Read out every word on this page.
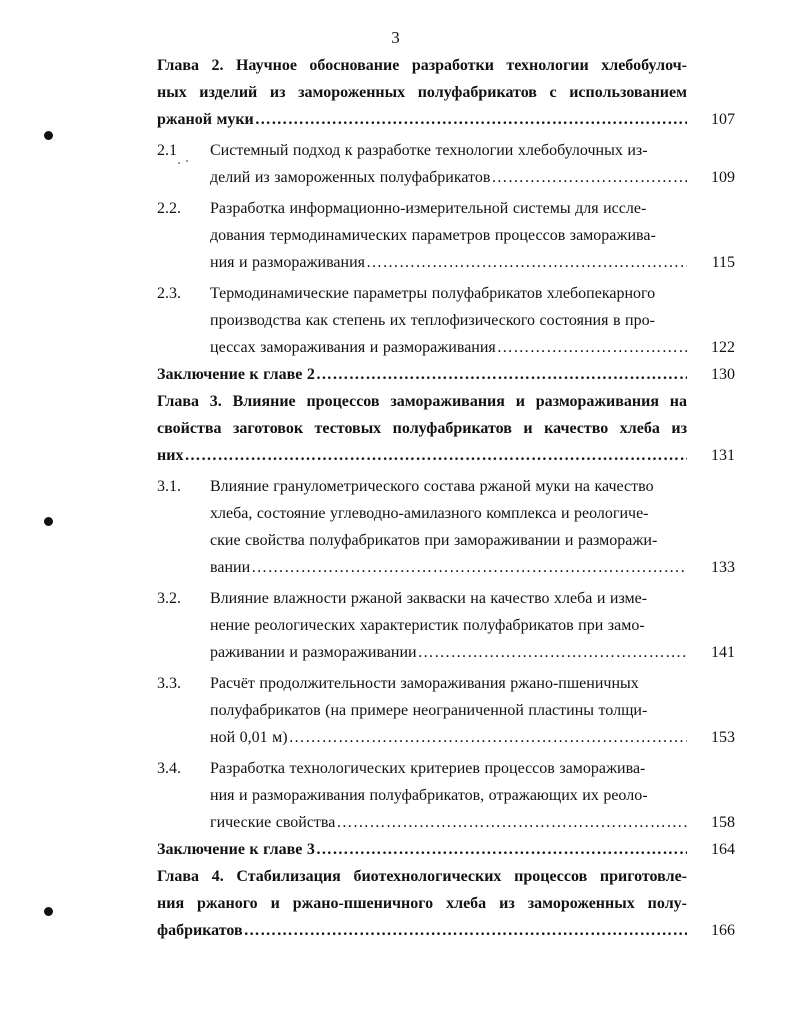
3
Глава 2. Научное обоснование разработки технологии хлебобулоч-
ных изделий из замороженных полуфабрикатов с использованием
ржаной муки ……………………………………………………………………………………………………………………………………………………………	107
2.1 Системный подход к разработке технологии хлебобулочных из-
делий из замороженных полуфабрикатов ……………………………………………………………………………………………………………………………………………………………	109
2.2. Разработка информационно-измерительной системы для иссле-
дования термодинамических параметров процессов заморажива-
ния и размораживания ……………………………………………………………………………………………………………………………………………………………	115
2.3. Термодинамические параметры полуфабрикатов хлебопекарного
производства как степень их теплофизического состояния в про-
цессах замораживания и размораживания ……………………………………………………………………………………………………………………………………………………………	122
Заключение к главе 2 ……………………………………………………………………………………………………………………………………………………………	130
Глава 3. Влияние процессов замораживания и размораживания на
свойства заготовок тестовых полуфабрикатов и качество хлеба из
них ……………………………………………………………………………………………………………………………………………………………	131
3.1. Влияние гранулометрического состава ржаной муки на качество
хлеба, состояние углеводно-амилазного комплекса и реологиче-
ские свойства полуфабрикатов при замораживании и разморажи-
вании ……………………………………………………………………………………………………………………………………………………………	133
3.2. Влияние влажности ржаной закваски на качество хлеба и изме-
нение реологических характеристик полуфабрикатов при замо-
раживании и размораживании ……………………………………………………………………………………………………………………………………………………………	141
3.3. Расчёт продолжительности замораживания ржано-пшеничных
полуфабрикатов (на примере неограниченной пластины толщи-
ной 0,01 м) ……………………………………………………………………………………………………………………………………………………………	153
3.4. Разработка технологических критериев процессов заморажива-
ния и размораживания полуфабрикатов, отражающих их реоло-
гические свойства ……………………………………………………………………………………………………………………………………………………………	158
Заключение к главе 3 ……………………………………………………………………………………………………………………………………………………………	164
Глава 4. Стабилизация биотехнологических процессов приготовле-
ния ржаного и ржано-пшеничного хлеба из замороженных полу-
фабрикатов ……………………………………………………………………………………………………………………………………………………………	166
